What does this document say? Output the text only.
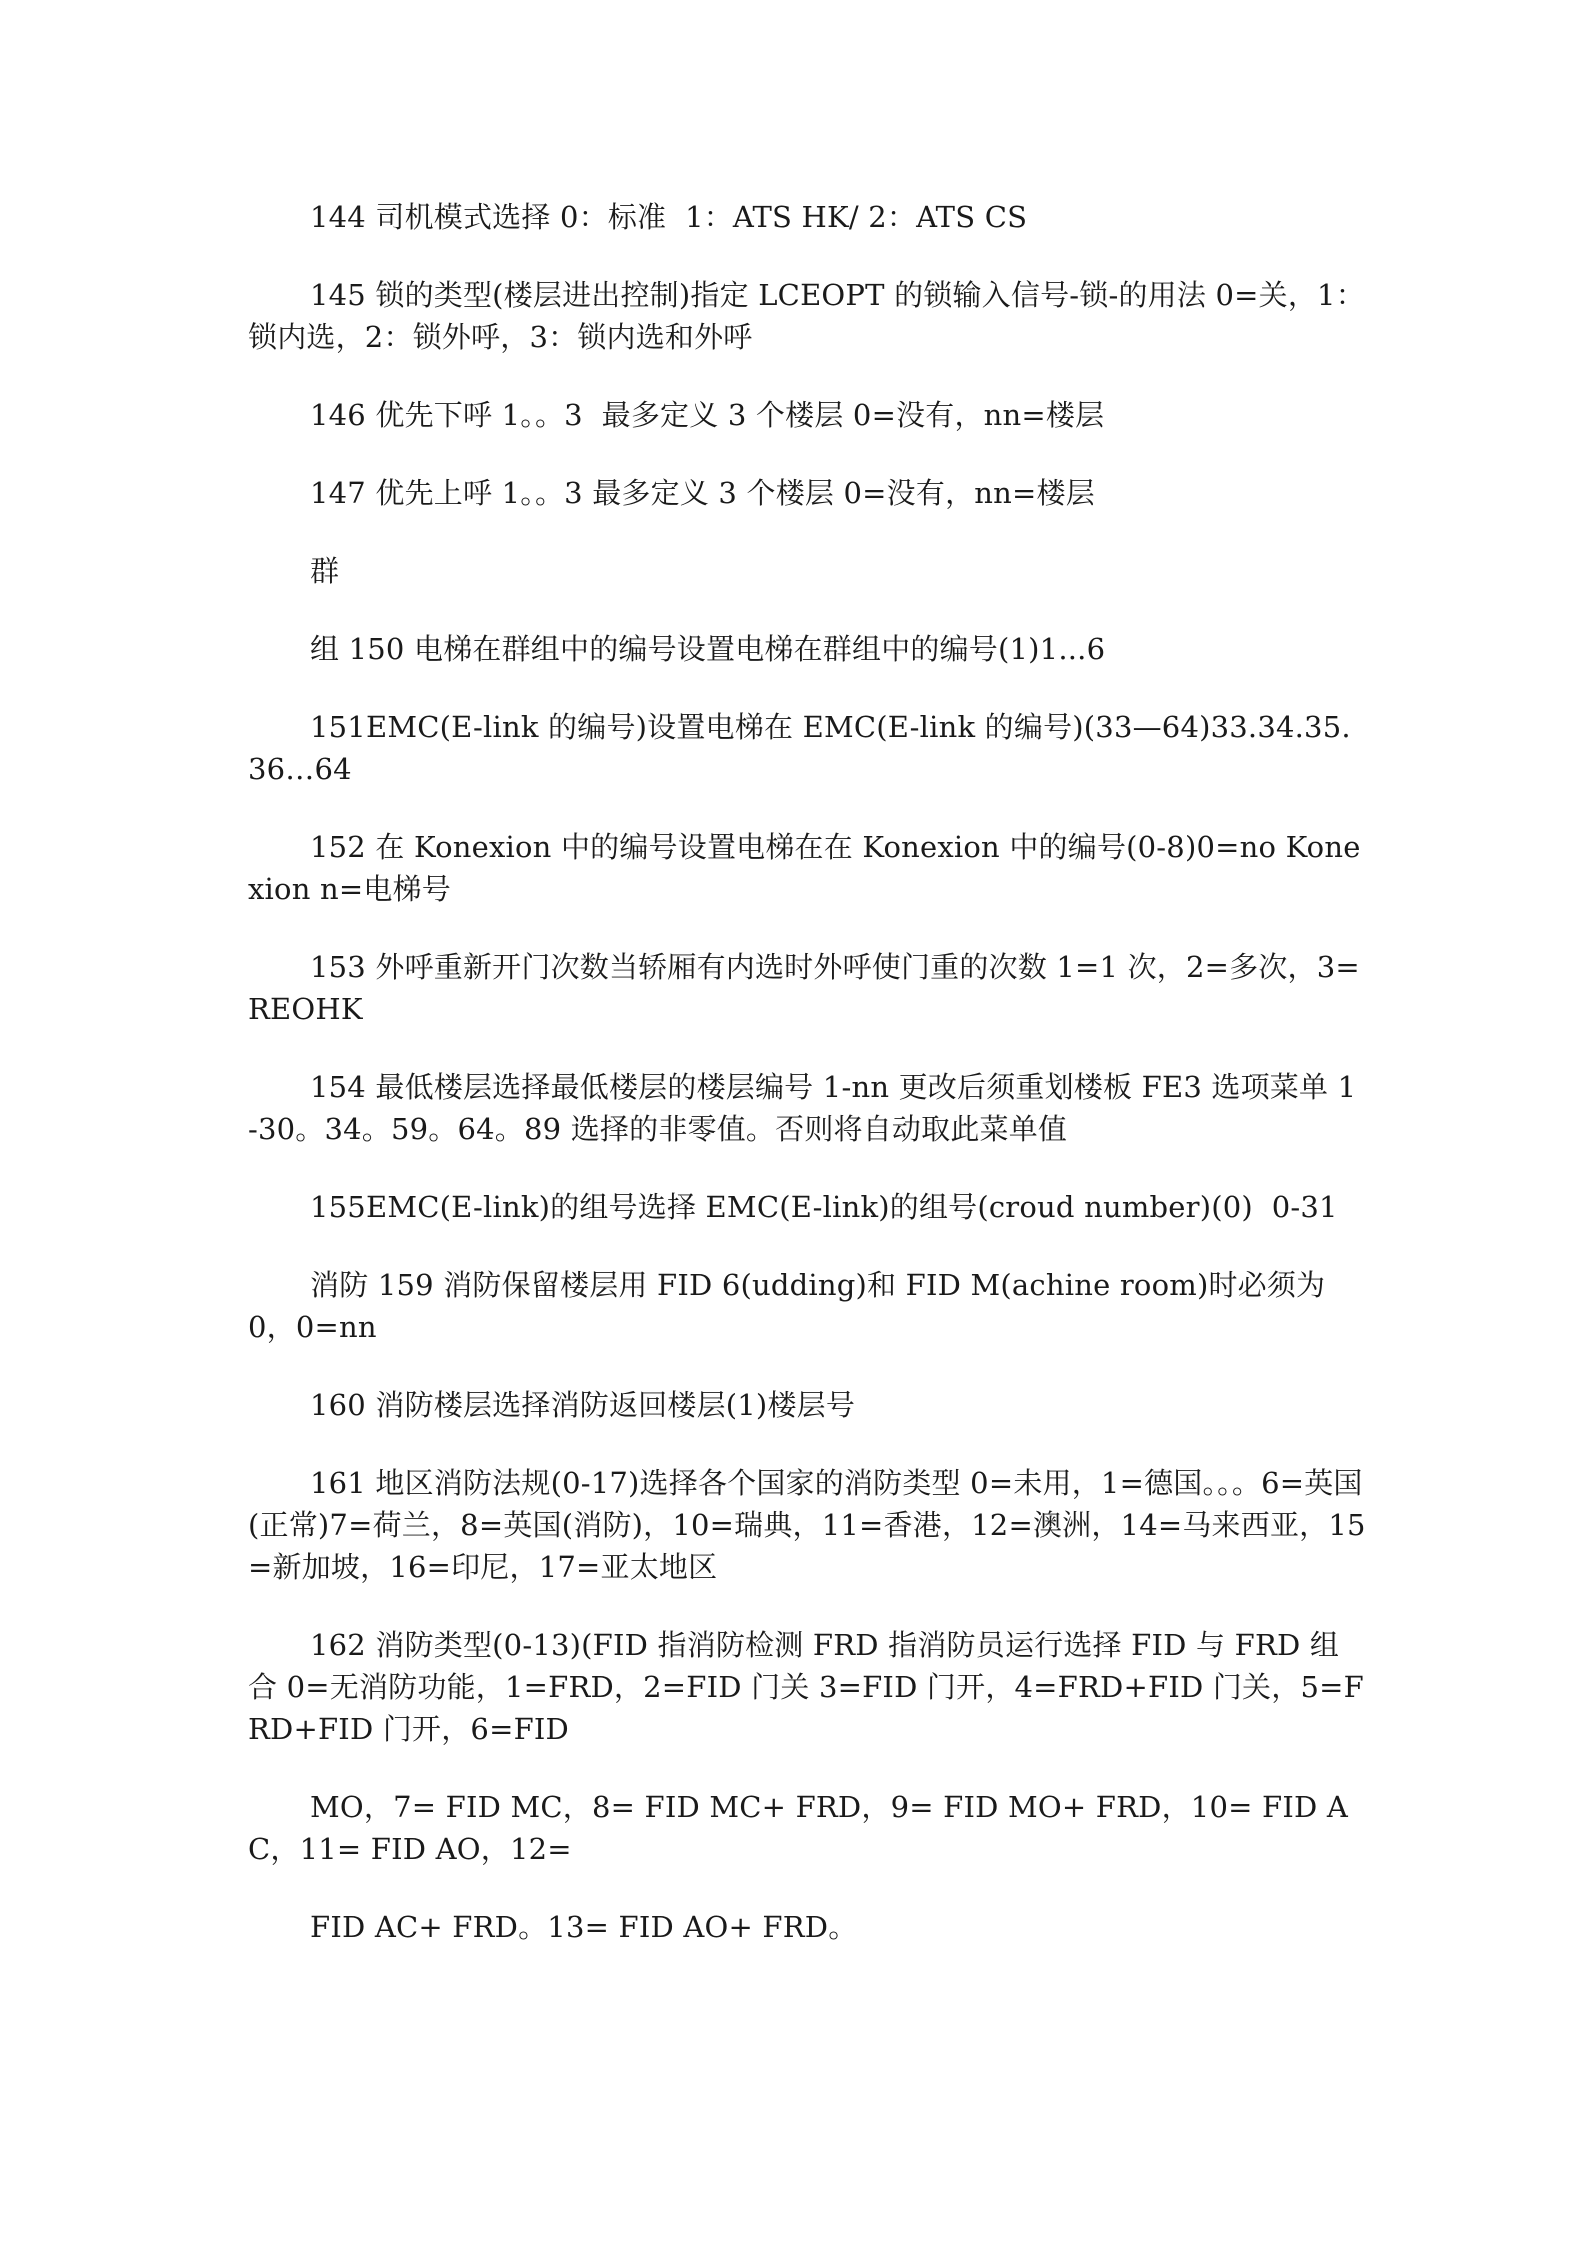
144 司机模式选择 0：标准  1：ATS HK/ 2：ATS CS

145 锁的类型(楼层进出控制)指定 LCEOPT 的锁输入信号-锁-的用法 0=关，1：锁内选，2：锁外呼，3：锁内选和外呼

146 优先下呼 1。。3  最多定义 3 个楼层 0=没有，nn=楼层

147 优先上呼 1。。3 最多定义 3 个楼层 0=没有，nn=楼层

群

组 150 电梯在群组中的编号设置电梯在群组中的编号(1)1...6

151EMC(E-link 的编号)设置电梯在 EMC(E-link 的编号)(33—64)33.34.35.36…64

152 在 Konexion 中的编号设置电梯在在 Konexion 中的编号(0-8)0=no Konexion n=电梯号

153 外呼重新开门次数当轿厢有内选时外呼使门重的次数 1=1 次，2=多次，3=REOHK

154 最低楼层选择最低楼层的楼层编号 1-nn 更改后须重划楼板 FE3 选项菜单 1-30。34。59。64。89 选择的非零值。否则将自动取此菜单值

155EMC(E-link)的组号选择 EMC(E-link)的组号(croud number)(0)  0-31

消防 159 消防保留楼层用 FID 6(udding)和 FID M(achine room)时必须为 0，0=nn

160 消防楼层选择消防返回楼层(1)楼层号

161 地区消防法规(0-17)选择各个国家的消防类型 0=未用，1=德国。。。6=英国(正常)7=荷兰，8=英国(消防)，10=瑞典，11=香港，12=澳洲，14=马来西亚，15=新加坡，16=印尼，17=亚太地区

162 消防类型(0-13)(FID 指消防检测 FRD 指消防员运行选择 FID 与 FRD 组合 0=无消防功能，1=FRD，2=FID 门关 3=FID 门开，4=FRD+FID 门关，5=FRD+FID 门开，6=FID

MO，7= FID MC，8= FID MC+ FRD，9= FID MO+ FRD，10= FID AC，11= FID AO，12=

FID AC+ FRD。13= FID AO+ FRD。
